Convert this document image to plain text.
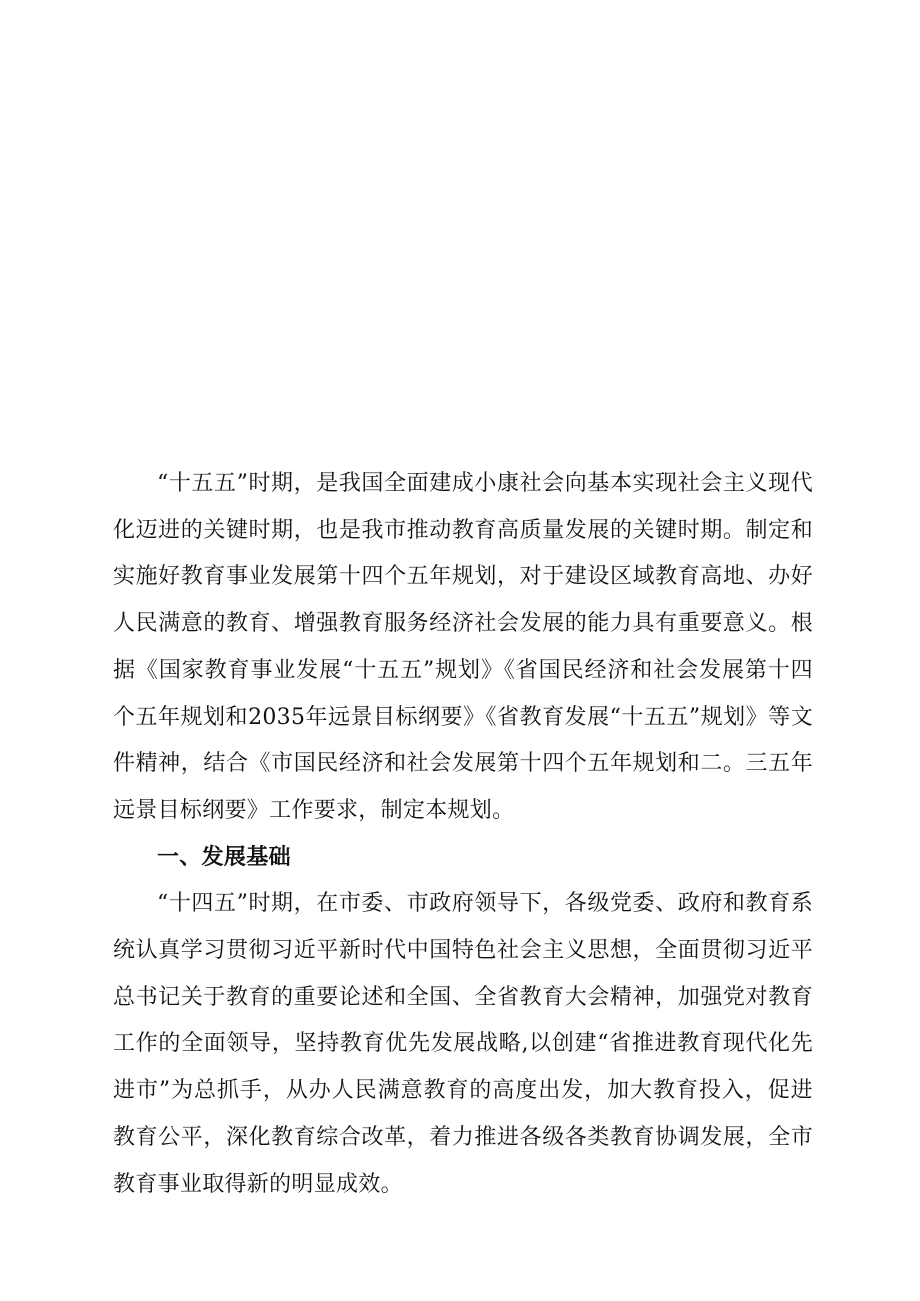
“十五五”时期，是我国全面建成小康社会向基本实现社会主义现代化迈进的关键时期，也是我市推动教育高质量发展的关键时期。制定和实施好教育事业发展第十四个五年规划，对于建设区域教育高地、办好人民满意的教育、增强教育服务经济社会发展的能力具有重要意义。根据《国家教育事业发展“十五五”规划》《省国民经济和社会发展第十四个五年规划和2035年远景目标纲要》《省教育发展“十五五”规划》等文件精神，结合《市国民经济和社会发展第十四个五年规划和二。三五年远景目标纲要》工作要求，制定本规划。

一、发展基础

“十四五”时期，在市委、市政府领导下，各级党委、政府和教育系统认真学习贯彻习近平新时代中国特色社会主义思想，全面贯彻习近平总书记关于教育的重要论述和全国、全省教育大会精神，加强党对教育工作的全面领导，坚持教育优先发展战略,以创建“省推进教育现代化先进市”为总抓手，从办人民满意教育的高度出发，加大教育投入，促进教育公平，深化教育综合改革，着力推进各级各类教育协调发展，全市教育事业取得新的明显成效。
